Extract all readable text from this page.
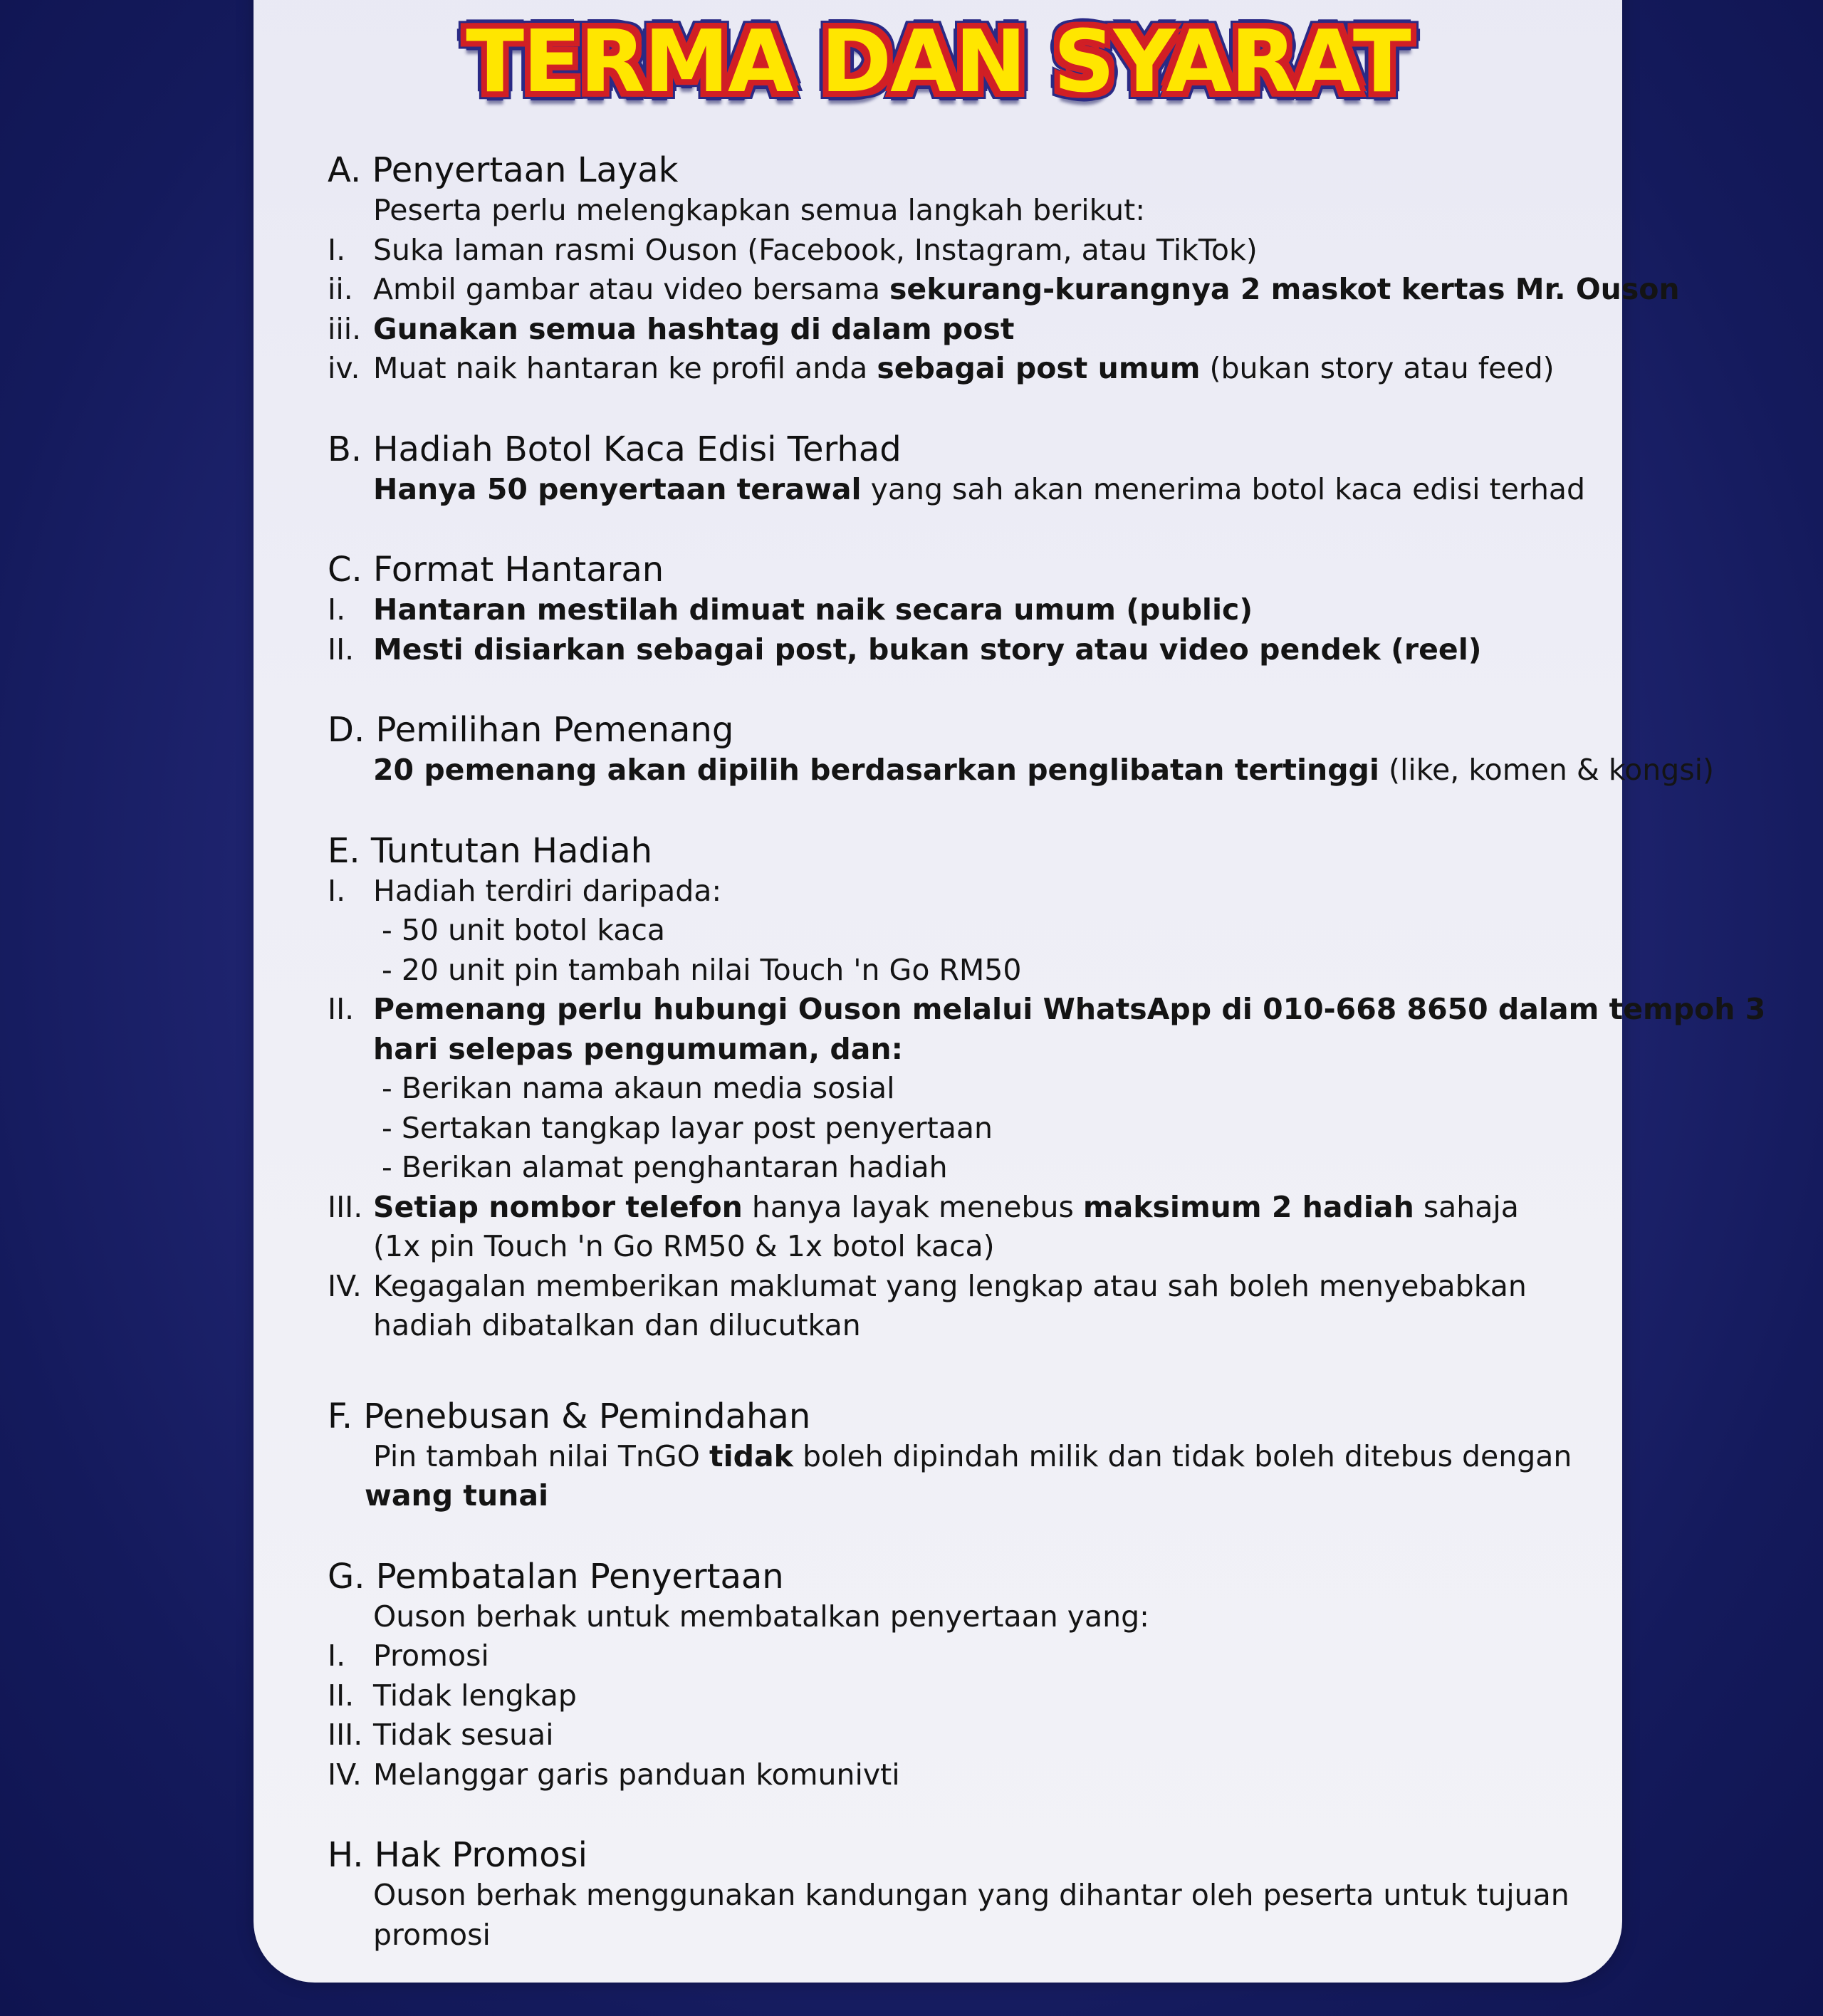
TERMA DAN SYARAT
A. Penyertaan Layak
Peserta perlu melengkapkan semua langkah berikut:
I. Suka laman rasmi Ouson (Facebook, Instagram, atau TikTok)
ii. Ambil gambar atau video bersama sekurang-kurangnya 2 maskot kertas Mr. Ouson
iii. Gunakan semua hashtag di dalam post
iv. Muat naik hantaran ke profil anda sebagai post umum (bukan story atau feed)
B. Hadiah Botol Kaca Edisi Terhad
Hanya 50 penyertaan terawal yang sah akan menerima botol kaca edisi terhad
C. Format Hantaran
I. Hantaran mestilah dimuat naik secara umum (public)
II. Mesti disiarkan sebagai post, bukan story atau video pendek (reel)
D. Pemilihan Pemenang
20 pemenang akan dipilih berdasarkan penglibatan tertinggi (like, komen & kongsi)
E. Tuntutan Hadiah
I. Hadiah terdiri daripada:
- 50 unit botol kaca
- 20 unit pin tambah nilai Touch 'n Go RM50
II. Pemenang perlu hubungi Ouson melalui WhatsApp di 010-668 8650 dalam tempoh 3
hari selepas pengumuman, dan:
- Berikan nama akaun media sosial
- Sertakan tangkap layar post penyertaan
- Berikan alamat penghantaran hadiah
III. Setiap nombor telefon hanya layak menebus maksimum 2 hadiah sahaja
(1x pin Touch 'n Go RM50 & 1x botol kaca)
IV. Kegagalan memberikan maklumat yang lengkap atau sah boleh menyebabkan
hadiah dibatalkan dan dilucutkan
F. Penebusan & Pemindahan
Pin tambah nilai TnGO tidak boleh dipindah milik dan tidak boleh ditebus dengan
wang tunai
G. Pembatalan Penyertaan
Ouson berhak untuk membatalkan penyertaan yang:
I. Promosi
II. Tidak lengkap
III. Tidak sesuai
IV. Melanggar garis panduan komunivti
H. Hak Promosi
Ouson berhak menggunakan kandungan yang dihantar oleh peserta untuk tujuan
promosi
